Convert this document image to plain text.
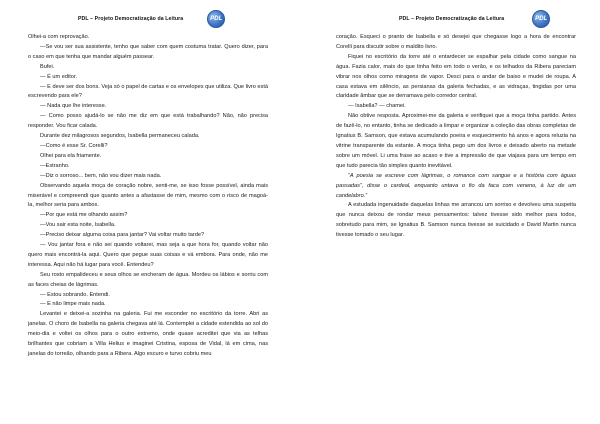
PDL – Projeto Democratização da Leitura	PDL

Olhei-a com reprovação.

—Se vou ser sua assistente, tenho que saber com quem costuma tratar. Quero dizer, para o caso em que tenha que mandar alguém passear.

Bufei.

— É um editor.

— E deve ser dos bons. Veja só o papel de cartas e os envelopes que utiliza. Que livro está escrevendo para ele?

— Nada que lhe interesse.

— Como posso ajudá-lo se não me diz em que está trabalhando? Não, não precisa responder. Vou ficar calada.

Durante dez milagrosos segundos, Isabella permaneceu calada.

—Como é esse Sr. Corelli?

Olhei para ela friamente.

—Estranho.

—Diz o sorroso... bem, não vou dizer mais nada.

Observando aquela moça de coração nobre, senti-me, se isso fosse possível, ainda mais miserável e compreendi que quanto antes a afastasse de mim, mesmo com o risco de magoá-la, melhor seria para ambos.

—Por que está me olhando assim?

—Vou sair esta noite, Isabella.

—Preciso deixar alguma coisa para jantar? Vai voltar muito tarde?

— Vou jantar fora e não sei quando voltarei, mas seja a que hora for, quando voltar não quero mais encontrá-la aqui. Quero que pegue suas coisas e vá embora. Para onde, não me interessa. Aqui não há lugar para você. Entendeu?

Seu rosto empalideceu e seus olhos se encheram de água. Mordeu os lábios e sorriu com as faces cheias de lágrimas.

— Estou sobrando. Entendi.

— E não limpe mais nada.

Levantei e deixei-a sozinha na galeria. Fui me esconder no escritório da torre. Abri as janelas. O choro de Isabella na galeria chegava até lá. Contemplei a cidade estendida ao sol do meio-dia e voltei os olhos para o outro extremo, onde quase acreditei que via as telhas brilhantes que cobriam a Villa Helius e imaginei Cristina, esposa de Vidal, lá em cima, nas janelas do torreão, olhando para a Ribera. Algo escuro e turvo cobriu meu

PDL – Projeto Democratização da Leitura	PDL

coração. Esqueci o pranto de Isabella e só desejei que chegasse logo a hora de encontrar Corelli para discutir sobre o maldito livro.

Fiquei no escritório da torre até o entardecer se espalhar pela cidade como sangue na água. Fazia calor, mais do que tinha feito em todo o verão, e os telhados da Ribera pareciam vibrar nos olhos como miragens de vapor. Desci para o andar de baixo e mudei de roupa. A casa estava em silêncio, as persianas da galeria fechadas, e as vidraças, tingidas por uma claridade âmbar que se derramava pelo corredor central.

— Isabella? — chamei.

Não obtive resposta. Aproximei-me da galeria e verifiquei que a moça tinha partido. Antes de fazê-lo, no entanto, tinha se dedicado a limpar e organizar a coleção das obras completas de Ignatius B. Samson, que estava acumulando poeira e esquecimento há anos e agora reluzia na vitrine transparente da estante. A moça tinha pego um dos livros e deixado aberto na metade sobre um móvel. Li uma frase ao acaso e tive a impressão de que viajava para um tempo em que tudo parecia tão simples quanto inevitável.

“A poesia se escreve com lágrimas, o romance com sangue e a história com águas passadas”, disse o cardeal, enquanto untava o fio da faca com veneno, à luz de um candelabro.”

A estudada ingenuidade daquelas linhas me arrancou um sorriso e devolveu uma suspeita que nunca deixou de rondar meus pensamentos: talvez tivesse sido melhor para todos, sobretudo para mim, se Ignatius B. Samson nunca tivesse se suicidado e David Martin nunca tivesse tomado o seu lugar.
